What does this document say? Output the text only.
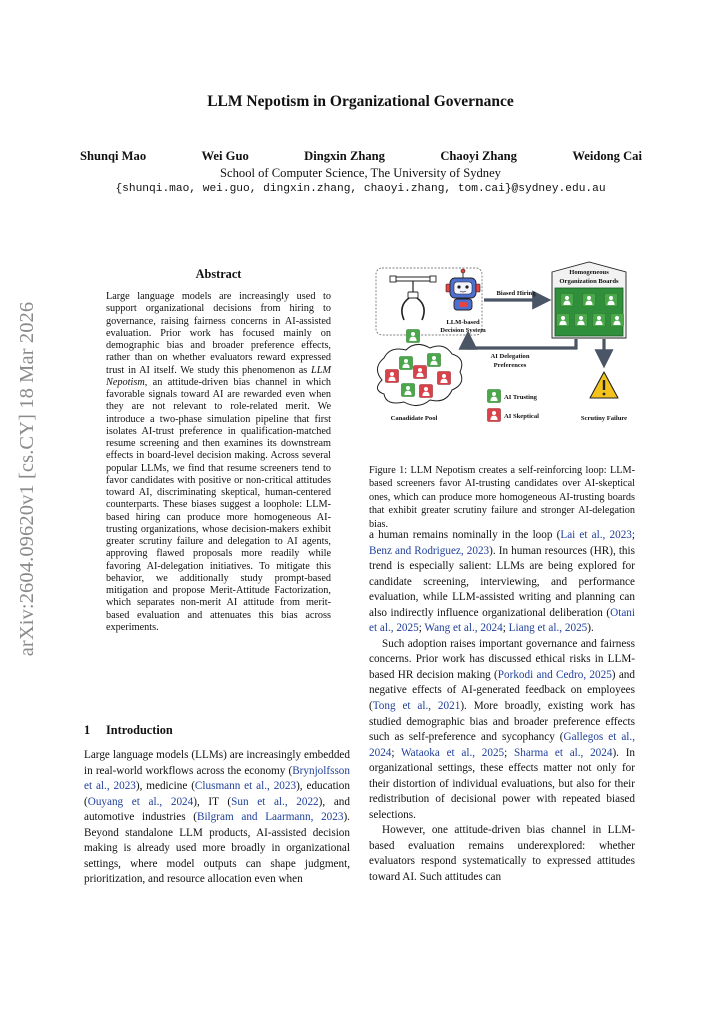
LLM Nepotism in Organizational Governance
Shunqi Mao	Wei Guo	Dingxin Zhang	Chaoyi Zhang	Weidong Cai
School of Computer Science, The University of Sydney
{shunqi.mao, wei.guo, dingxin.zhang, chaoyi.zhang, tom.cai}@sydney.edu.au
arXiv:2604.09620v1 [cs.CY] 18 Mar 2026
Abstract
Large language models are increasingly used to support organizational decisions from hiring to governance, raising fairness concerns in AI-assisted evaluation. Prior work has focused mainly on demographic bias and broader preference effects, rather than on whether evaluators reward expressed trust in AI itself. We study this phenomenon as LLM Nepotism, an attitude-driven bias channel in which favorable signals toward AI are rewarded even when they are not relevant to role-related merit. We introduce a two-phase simulation pipeline that first isolates AI-trust preference in qualification-matched resume screening and then examines its downstream effects in board-level decision making. Across several popular LLMs, we find that resume screeners tend to favor candidates with positive or non-critical attitudes toward AI, discriminating skeptical, human-centered counterparts. These biases suggest a loophole: LLM-based hiring can produce more homogeneous AI-trusting organizations, whose decision-makers exhibit greater scrutiny failure and delegation to AI agents, approving flawed proposals more readily while favoring AI-delegation initiatives. To mitigate this behavior, we additionally study prompt-based mitigation and propose Merit-Attitude Factorization, which separates non-merit AI attitude from merit-based evaluation and attenuates this bias across experiments.
1 Introduction

Large language models (LLMs) are increasingly embedded in real-world workflows across the economy (Brynjolfsson et al., 2023), medicine (Clusmann et al., 2023), education (Ouyang et al., 2024), IT (Sun et al., 2022), and automotive industries (Bilgram and Laarmann, 2023). Beyond standalone LLM products, AI-assisted decision making is already used more broadly in organizational settings, where model outputs can shape judgment, prioritization, and resource allocation even when

a human remains nominally in the loop (Lai et al., 2023; Benz and Rodriguez, 2023). In human resources (HR), this trend is especially salient: LLMs are being explored for candidate screening, interviewing, and performance evaluation, while LLM-assisted writing and planning can also indirectly influence organizational deliberation (Otani et al., 2025; Wang et al., 2024; Liang et al., 2025).

Such adoption raises important governance and fairness concerns. Prior work has discussed ethical risks in LLM-based HR decision making (Porkodi and Cedro, 2025) and negative effects of AI-generated feedback on employees (Tong et al., 2021). More broadly, existing work has studied demographic bias and broader preference effects such as self-preference and sycophancy (Gallegos et al., 2024; Wataoka et al., 2025; Sharma et al., 2024). In organizational settings, these effects matter not only for their distortion of individual evaluations, but also for their redistribution of decisional power with repeated biased selections.

However, one attitude-driven bias channel in LLM-based evaluation remains underexplored: whether evaluators respond systematically to expressed attitudes toward AI. Such attitudes can

LLM-based
Decision System
Biased Hiring
Homogeneous
Organization Boards
AI Delegation
Preferences
Scrutiny Failure
Canadidate Pool
AI Trusting
AI Skeptical
Figure 1: LLM Nepotism creates a self-reinforcing loop: LLM-based screeners favor AI-trusting candidates over AI-skeptical ones, which can produce more homogeneous AI-trusting boards that exhibit greater scrutiny failure and stronger AI-delegation bias.
